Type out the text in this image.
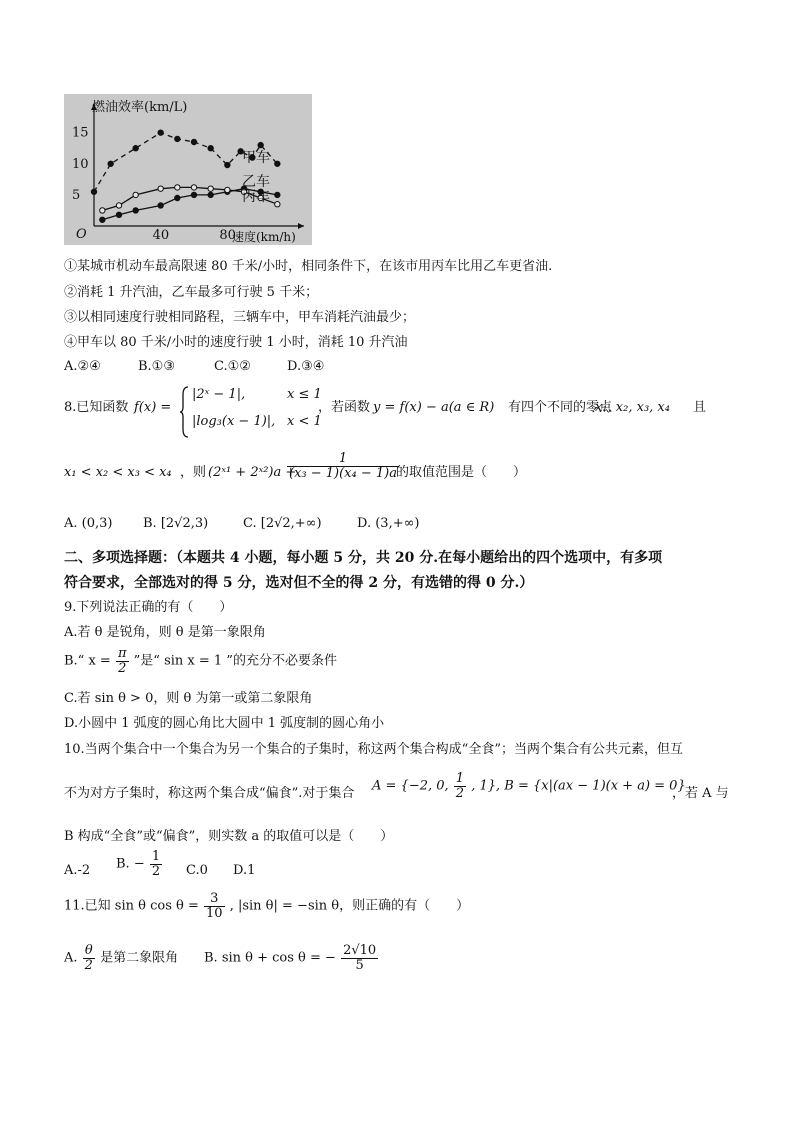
5
10
15
40	80
O
燃油效率(km/L)
速度(km/h)
甲车
乙车
丙车
①某城市机动车最高限速 80 千米/小时，相同条件下，在该市用丙车比用乙车更省油.
②消耗 1 升汽油，乙车最多可行驶 5 千米；
③以相同速度行驶相同路程，三辆车中，甲车消耗汽油最少；
④甲车以 80 千米/小时的速度行驶 1 小时，消耗 10 升汽油
A.②④	B.①③	C.①②	D.③④
8.已知函数 f(x) =
|2ˣ − 1|,	x ≤ 1
|log₃(x − 1)|, x < 1
，若函数 y = f(x) − a(a ∈ R) 有四个不同的零点
x₁, x₂, x₃, x₄ 且
x₁ < x₂ < x₃ < x₄ ，则 (2ˣ¹ + 2ˣ²)a +
$\frac{1}{\text{(x₃ − 1)(x₄ − 1)a}}$
的取值范围是（　　）
A. (0,3) B. [2√2,3)	C. [2√2,+∞)	D. (3,+∞)
二、多项选择题：（本题共 4 小题，每小题 5 分，共 20 分.在每小题给出的四个选项中，有多项
符合要求，全部选对的得 5 分，选对但不全的得 2 分，有选错的得 0 分.）
9.下列说法正确的有（　　）
A.若 θ 是锐角，则 θ 是第一象限角
B.“ $x = \frac{\pi}{2}$ ”是“ sin x = 1 ”的充分不必要条件
C.若 sin θ > 0，则 θ 为第一或第二象限角
D.小圆中 1 弧度的圆心角比大圆中 1 弧度制的圆心角小
10.当两个集合中一个集合为另一个集合的子集时，称这两个集合构成“全食”；当两个集合有公共元素，但互
不为对方子集时，称这两个集合成“偏食”.对于集合 A = {−2, 0, $\frac{1}{2}$ , 1}, B = {x|(ax − 1)(x + a) = 0}
，若 A 与
B 构成“全食”或“偏食”，则实数 a 的取值可以是（　　）
A.-2 B. − $\frac{1}{2} C.0$ D.1
11.已知 sin θ $\cos \theta = \frac{3}{10}$ , |sin θ| = −sin θ，则正确的有（　　）
A. $\frac{\theta}{2}$ 是第二象限角 B. sin θ + cos θ = − $\frac{2√10}{5}$
